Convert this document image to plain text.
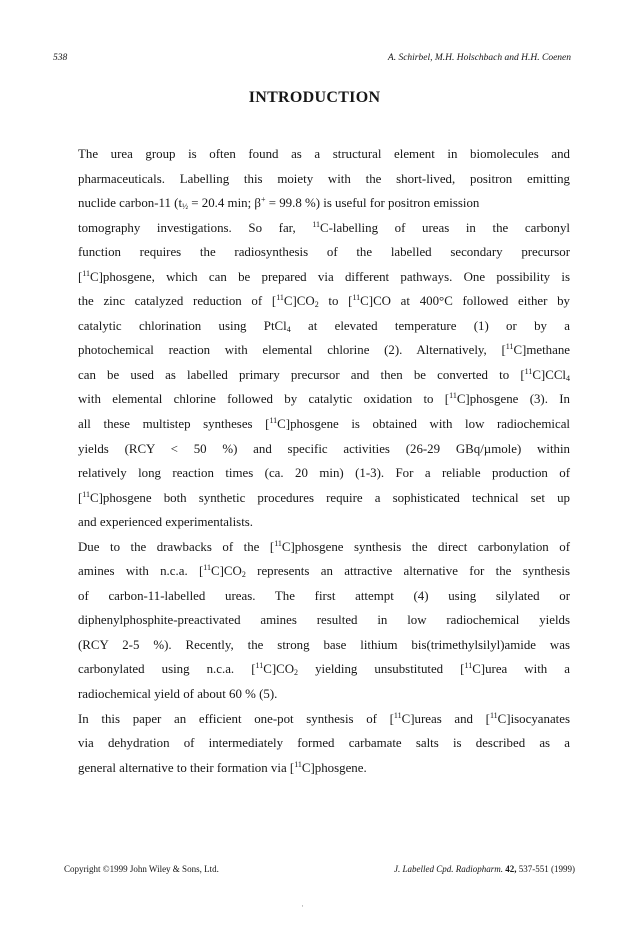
538	A. Schirbel, M.H. Holschbach and H.H. Coenen
INTRODUCTION
The urea group is often found as a structural element in biomolecules and
pharmaceuticals. Labelling this moiety with the short-lived, positron emitting
nuclide carbon-11 ($t_{\frac{1}{2}} = 20.4$ min; β+ = 99.8 %) is useful for positron emission
tomography investigations. So far, $^{11}$C-labelling of ureas in the carbonyl
function requires the radiosynthesis of the labelled secondary precursor
[$^{11}$C]phosgene, which can be prepared via different pathways. One possibility is
the zinc catalyzed reduction of $[^{11}C]CO_2$ to [$^{11}$C]CO at 400°C followed either by
catalytic chlorination using PtCl$_4$ at elevated temperature (1) or by a
photochemical reaction with elemental chlorine (2). Alternatively, [$^{11}$C]methane
can be used as labelled primary precursor and then be converted to [$^{11}$C]CCl$_4$
with elemental chlorine followed by catalytic oxidation to [$^{11}$C]phosgene (3). In
all these multistep syntheses [$^{11}$C]phosgene is obtained with low radiochemical
yields (RCY < 50 %) and specific activities (26-29 GBq/µmole) within
relatively long reaction times (ca. 20 min) (1-3). For a reliable production of
[$^{11}$C]phosgene both synthetic procedures require a sophisticated technical set up
and experienced experimentalists.
Due to the drawbacks of the [$^{11}$C]phosgene synthesis the direct carbonylation of
amines with n.c.a. $[^{11}C]CO_2$ represents an attractive alternative for the synthesis
of carbon-11-labelled ureas. The first attempt (4) using silylated or
diphenylphosphite-preactivated amines resulted in low radiochemical yields
(RCY 2-5 %). Recently, the strong base lithium bis(trimethylsilyl)amide was
carbonylated using n.c.a. $[^{11}C]CO_2$ yielding unsubstituted [$^{11}$C]urea with a
radiochemical yield of about 60 % (5).
In this paper an efficient one-pot synthesis of [$^{11}$C]ureas and [$^{11}$C]isocyanates
via dehydration of intermediately formed carbamate salts is described as a
general alternative to their formation via [$^{11}$C]phosgene.
Copyright ©1999 John Wiley & Sons, Ltd.	J. Labelled Cpd. Radiopharm. 42, 537-551 (1999)
·
